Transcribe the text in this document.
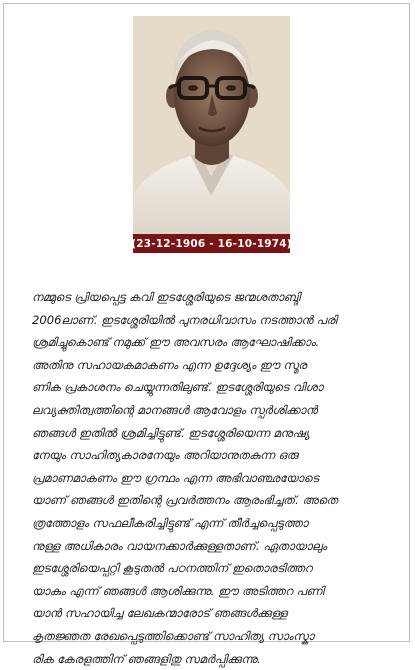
(23-12-1906 - 16-10-1974)

നമ്മുടെ പ്രിയപ്പെട്ട കവി ഇടശ്ശേരിയുടെ ജന്മശതാബ്ദി
2006ലാണ്. ഇടശ്ശേരിയിൽ പുനരധിവാസം നടത്താൻ പരി
ശ്രമിച്ചുകൊണ്ട് നമുക്ക് ഈ അവസരം ആഘോഷിക്കാം.
അതിനു സഹായകമാകണം എന്ന ഉദ്ദേശ്യം ഈ സ്മര
ണിക പ്രകാശനം ചെയ്യുന്നതിലുണ്ട്. ഇടശ്ശേരിയുടെ വിശാ
ലവ്യക്തിത്വത്തിന്റെ മാനങ്ങൾ ആവോളം സ്പർശിക്കാൻ
ഞങ്ങൾ ഇതിൽ ശ്രമിച്ചിട്ടുണ്ട്. ഇടശ്ശേരിയെന്ന മനുഷ്യ
നേയും സാഹിത്യകാരനേയും അറിയാനുതകുന്ന ഒരു
പ്രമാണമാകണം ഈ ഗ്രന്ഥം എന്ന അഭിവാഞ്ഛയോടെ
യാണ് ഞങ്ങൾ ഇതിന്റെ പ്രവർത്തനം ആരംഭിച്ചത്. അതെ
ത്രത്തോളം സഫലീകരിച്ചിട്ടുണ്ട് എന്ന് തീർച്ചപ്പെടുത്താ
നുള്ള അധികാരം വായനക്കാർക്കുള്ളതാണ്. ഏതായാലും
ഇടശ്ശേരിയെപ്പറ്റി കൂടുതൽ പഠനത്തിന് ഇതൊരടിത്തറ
യാകും എന്ന് ഞങ്ങൾ ആശിക്കുന്നു. ഈ അടിത്തറ പണി
യാൻ സഹായിച്ച ലേഖകന്മാരോട് ഞങ്ങൾക്കുള്ള
കൃതജ്ഞത രേഖപ്പെടുത്തിക്കൊണ്ട് സാഹിത്യ സാംസ്കാ
രിക കേരളത്തിന് ഞങ്ങളിതു സമർപ്പിക്കുന്നു.
